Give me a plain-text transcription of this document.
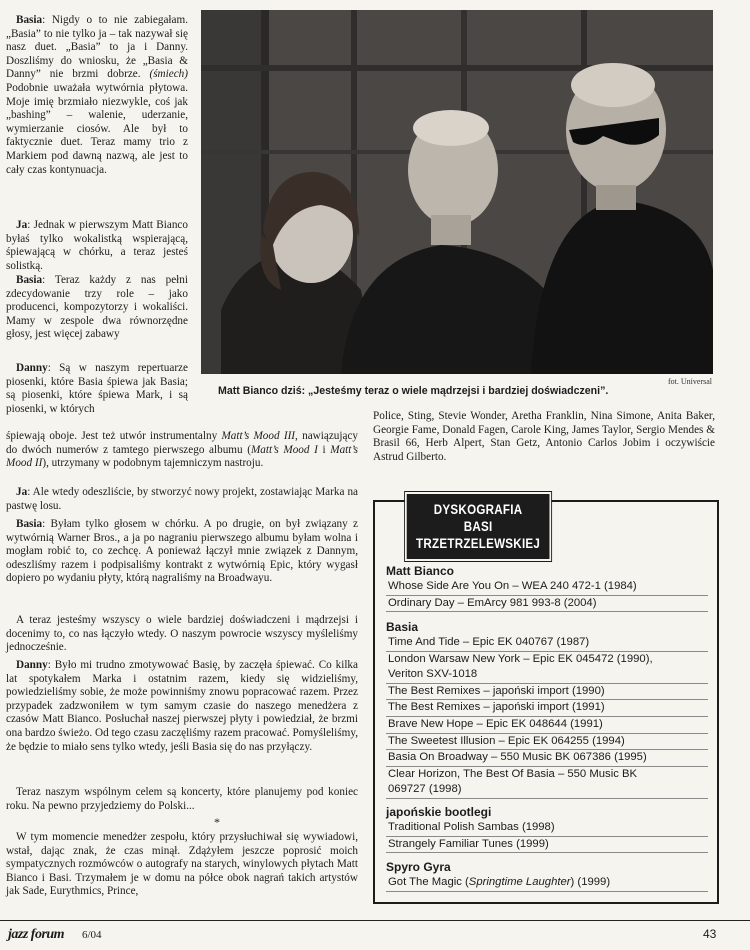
Basia: Nigdy o to nie zabiegałam. „Basia” to nie tylko ja – tak nazywał się nasz duet. „Basia” to ja i Danny. Doszliśmy do wniosku, że „Basia & Danny” nie brzmi dobrze. (śmiech) Podobnie uważała wytwórnia płytowa. Moje imię brzmiało niezwykle, coś jak „bashing” – walenie, uderzanie, wymierzanie ciosów. Ale był to faktycznie duet. Teraz mamy trio z Markiem pod dawną nazwą, ale jest to cały czas kontynuacja.

Ja: Jednak w pierwszym Matt Bianco byłaś tylko wokalistką wspierającą, śpiewającą w chórku, a teraz jesteś solistką.

Basia: Teraz każdy z nas pełni zdecydowanie trzy role – jako producenci, kompozytorzy i wokaliści. Mamy w zespole dwa równorzędne głosy, jest więcej zabawy

Danny: Są w naszym repertuarze piosenki, które Basia śpiewa jak Basia; są piosenki, które śpiewa Mark, i są piosenki, w których

śpiewają oboje. Jest też utwór instrumentalny Matt’s Mood III, nawiązujący do dwóch numerów z tamtego pierwszego albumu (Matt’s Mood I i Matt’s Mood II), utrzymany w podobnym tajemniczym nastroju.

Ja: Ale wtedy odeszliście, by stworzyć nowy projekt, zostawiając Marka na pastwę losu.

Basia: Byłam tylko głosem w chórku. A po drugie, on był związany z wytwórnią Warner Bros., a ja po nagraniu pierwszego albumu byłam wolna i mogłam robić to, co zechcę. A ponieważ łączył mnie związek z Dannym, odeszliśmy razem i podpisaliśmy kontrakt z wytwórnią Epic, który wygasł dopiero po wydaniu płyty, którą nagraliśmy na Broadwayu.

A teraz jesteśmy wszyscy o wiele bardziej doświadczeni i mądrzejsi i docenimy to, co nas łączyło wtedy. O naszym powrocie wszyscy myśleliśmy jednocześnie.

Danny: Było mi trudno zmotywować Basię, by zaczęła śpiewać. Co kilka lat spotykałem Marka i ostatnim razem, kiedy się widzieliśmy, powiedzieliśmy sobie, że może powinniśmy znowu popracować razem. Przez przypadek zadzwoniłem w tym samym czasie do naszego menedżera z czasów Matt Bianco. Posłuchał naszej pierwszej płyty i powiedział, że brzmi ona bardzo świeżo. Od tego czasu zaczęliśmy razem pracować. Pomyśleliśmy, że będzie to miało sens tylko wtedy, jeśli Basia się do nas przyłączy.

Teraz naszym wspólnym celem są koncerty, które planujemy pod koniec roku. Na pewno przyjedziemy do Polski...

*

W tym momencie menedżer zespołu, który przysłuchiwał się wywiadowi, wstał, dając znak, że czas minął. Zdążyłem jeszcze poprosić moich sympatycznych rozmówców o autografy na starych, winylowych płytach Matt Bianco i Basi. Trzymałem je w domu na półce obok nagrań takich artystów jak Sade, Eurythmics, Prince,

Police, Sting, Stevie Wonder, Aretha Franklin, Nina Simone, Anita Baker, Georgie Fame, Donald Fagen, Carole King, James Taylor, Sergio Mendes & Brasil 66, Herb Alpert, Stan Getz, Antonio Carlos Jobim i oczywiście Astrud Gilberto.

fot. Universal
Matt Bianco dziś: „Jesteśmy teraz o wiele mądrzejsi i bardziej doświadczeni”.
DYSKOGRAFIA
BASI TRZETRZELEWSKIEJ
Matt Bianco
Whose Side Are You On – WEA 240 472-1 (1984)
Ordinary Day – EmArcy 981 993-8 (2004)
Basia
Time And Tide – Epic EK 040767 (1987)
London Warsaw New York – Epic EK 045472 (1990),
Veriton SXV-1018
The Best Remixes – japoński import (1990)
The Best Remixes – japoński import (1991)
Brave New Hope – Epic EK 048644 (1991)
The Sweetest Illusion – Epic EK 064255 (1994)
Basia On Broadway – 550 Music BK 067386 (1995)
Clear Horizon, The Best Of Basia – 550 Music BK
069727 (1998)
japońskie bootlegi
Traditional Polish Sambas (1998)
Strangely Familiar Tunes (1999)
Spyro Gyra
Got The Magic (Springtime Laughter) (1999)
jazz forum 6/04	43
